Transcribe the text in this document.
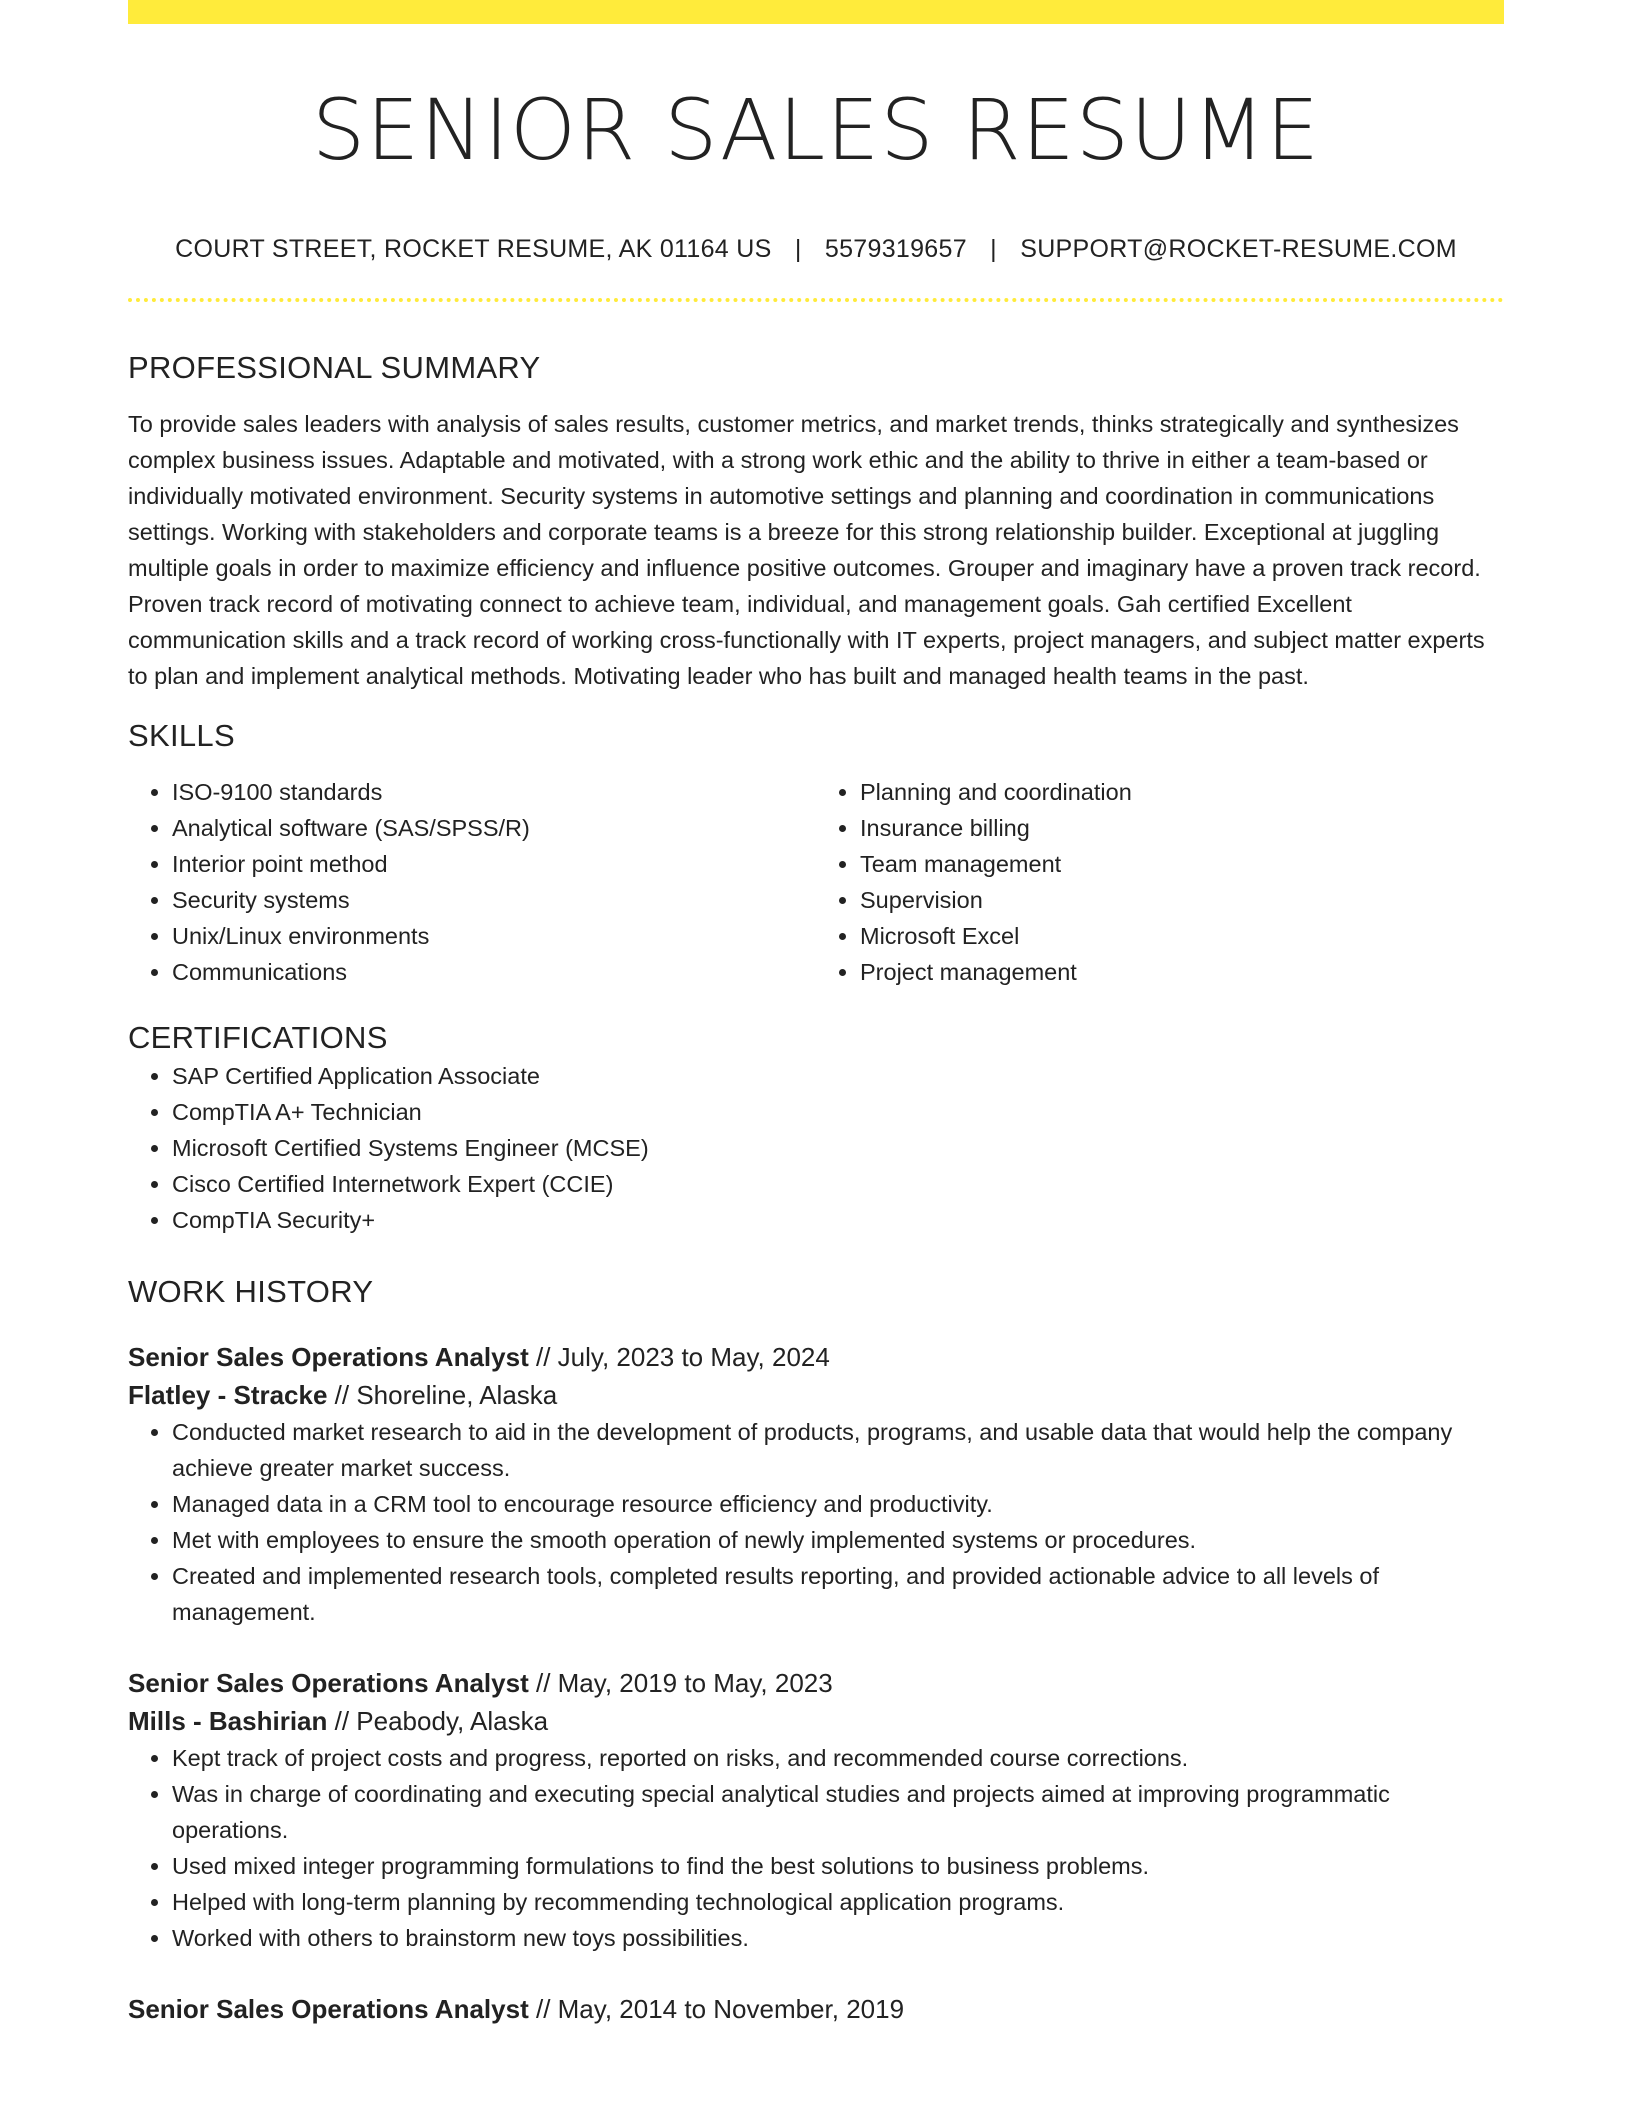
SENIOR SALES RESUME
COURT STREET, ROCKET RESUME, AK 01164 US | 5579319657 | SUPPORT@ROCKET-RESUME.COM
PROFESSIONAL SUMMARY

To provide sales leaders with analysis of sales results, customer metrics, and market trends, thinks strategically and synthesizes complex business issues. Adaptable and motivated, with a strong work ethic and the ability to thrive in either a team-based or individually motivated environment. Security systems in automotive settings and planning and coordination in communications settings. Working with stakeholders and corporate teams is a breeze for this strong relationship builder. Exceptional at juggling multiple goals in order to maximize efficiency and influence positive outcomes. Grouper and imaginary have a proven track record. Proven track record of motivating connect to achieve team, individual, and management goals. Gah certified Excellent communication skills and a track record of working cross-functionally with IT experts, project managers, and subject matter experts to plan and implement analytical methods. Motivating leader who has built and managed health teams in the past.

SKILLS
• ISO-9100 standards
• Analytical software (SAS/SPSS/R)
• Interior point method
• Security systems
• Unix/Linux environments
• Communications
• Planning and coordination
• Insurance billing
• Team management
• Supervision
• Microsoft Excel
• Project management
CERTIFICATIONS
• SAP Certified Application Associate
• CompTIA A+ Technician
• Microsoft Certified Systems Engineer (MCSE)
• Cisco Certified Internetwork Expert (CCIE)
• CompTIA Security+
WORK HISTORY
Senior Sales Operations Analyst // July, 2023 to May, 2024
Flatley - Stracke // Shoreline, Alaska
• Conducted market research to aid in the development of products, programs, and usable data that would help the company achieve greater market success.
• Managed data in a CRM tool to encourage resource efficiency and productivity.
• Met with employees to ensure the smooth operation of newly implemented systems or procedures.
• Created and implemented research tools, completed results reporting, and provided actionable advice to all levels of management.
Senior Sales Operations Analyst // May, 2019 to May, 2023
Mills - Bashirian // Peabody, Alaska
• Kept track of project costs and progress, reported on risks, and recommended course corrections.
• Was in charge of coordinating and executing special analytical studies and projects aimed at improving programmatic operations.
• Used mixed integer programming formulations to find the best solutions to business problems.
• Helped with long-term planning by recommending technological application programs.
• Worked with others to brainstorm new toys possibilities.
Senior Sales Operations Analyst // May, 2014 to November, 2019
